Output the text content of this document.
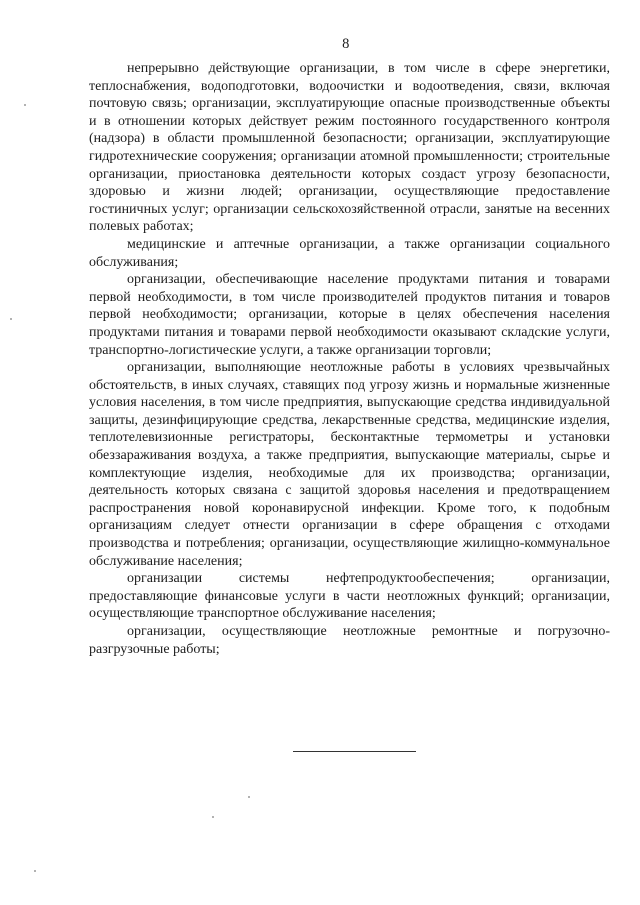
8

непрерывно действующие организации, в том числе в сфере энергетики, теплоснабжения, водоподготовки, водоочистки и водоотведения, связи, включая почтовую связь; организации, эксплуатирующие опасные производственные объекты и в отношении которых действует режим постоянного государственного контроля (надзора) в области промышленной безопасности; организации, эксплуатирующие гидротехнические сооружения; организации атомной промышленности; строительные организации, приостановка деятельности которых создаст угрозу безопасности, здоровью и жизни людей; организации, осуществляющие предоставление гостиничных услуг; организации сельскохозяйственной отрасли, занятые на весенних полевых работах;

медицинские и аптечные организации, а также организации социального обслуживания;

организации, обеспечивающие население продуктами питания и товарами первой необходимости, в том числе производителей продуктов питания и товаров первой необходимости; организации, которые в целях обеспечения населения продуктами питания и товарами первой необходимости оказывают складские услуги, транспортно-логистические услуги, а также организации торговли;

организации, выполняющие неотложные работы в условиях чрезвычайных обстоятельств, в иных случаях, ставящих под угрозу жизнь и нормальные жизненные условия населения, в том числе предприятия, выпускающие средства индивидуальной защиты, дезинфицирующие средства, лекарственные средства, медицинские изделия, теплотелевизионные регистраторы, бесконтактные термометры и установки обеззараживания воздуха, а также предприятия, выпускающие материалы, сырье и комплектующие изделия, необходимые для их производства; организации, деятельность которых связана с защитой здоровья населения и предотвращением распространения новой коронавирусной инфекции. Кроме того, к подобным организациям следует отнести организации в сфере обращения с отходами производства и потребления; организации, осуществляющие жилищно-коммунальное обслуживание населения;

организации системы нефтепродуктообеспечения; организации, предоставляющие финансовые услуги в части неотложных функций; организации, осуществляющие транспортное обслуживание населения;

организации, осуществляющие неотложные ремонтные и погрузочно-разгрузочные работы;
